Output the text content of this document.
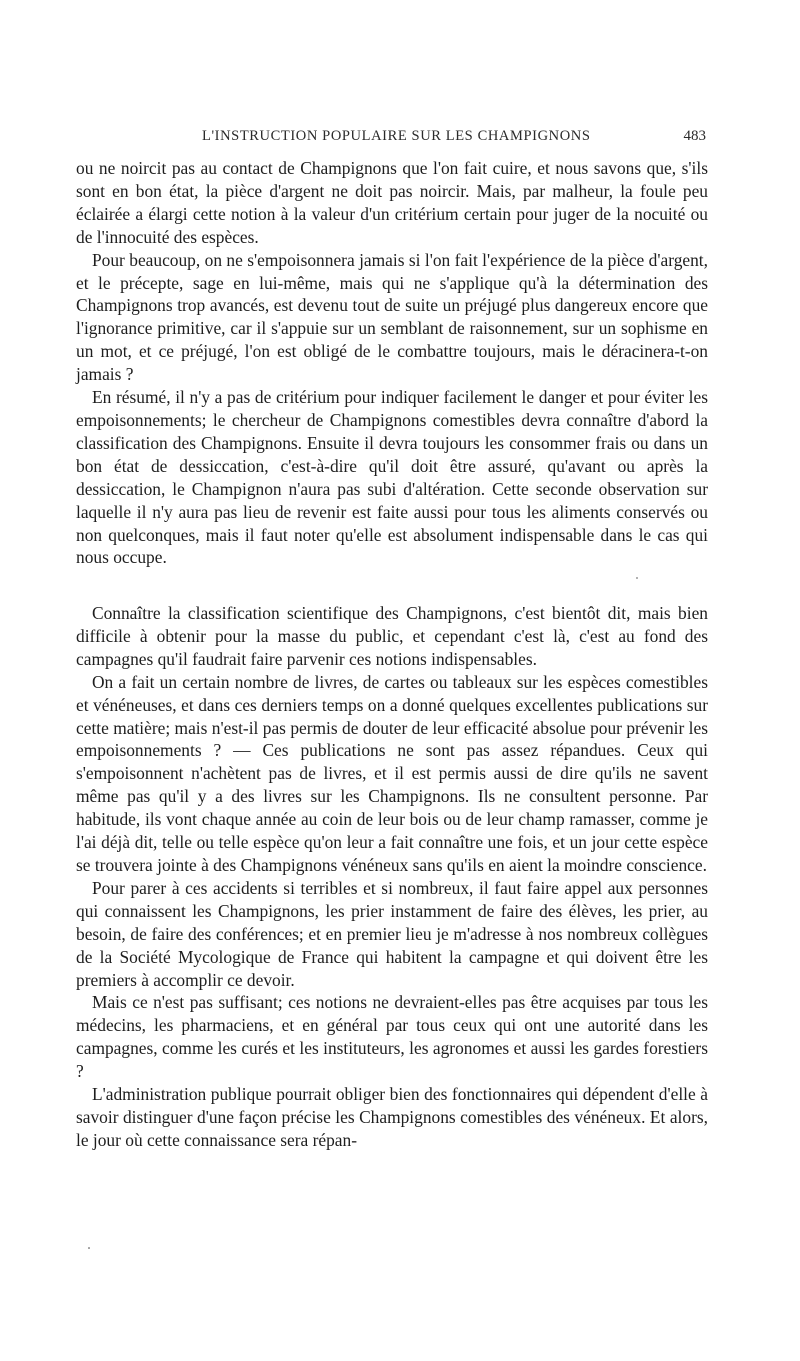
L'INSTRUCTION POPULAIRE SUR LES CHAMPIGNONS	483

ou ne noircit pas au contact de Champignons que l'on fait cuire, et nous savons que, s'ils sont en bon état, la pièce d'argent ne doit pas noircir. Mais, par malheur, la foule peu éclairée a élargi cette notion à la valeur d'un critérium certain pour juger de la nocuité ou de l'innocuité des espèces.

Pour beaucoup, on ne s'empoisonnera jamais si l'on fait l'expérience de la pièce d'argent, et le précepte, sage en lui-même, mais qui ne s'applique qu'à la détermination des Champignons trop avancés, est devenu tout de suite un préjugé plus dangereux encore que l'ignorance primitive, car il s'appuie sur un semblant de raisonnement, sur un sophisme en un mot, et ce préjugé, l'on est obligé de le combattre toujours, mais le déracinera-t-on jamais ?

En résumé, il n'y a pas de critérium pour indiquer facilement le danger et pour éviter les empoisonnements; le chercheur de Champignons comestibles devra connaître d'abord la classification des Champignons. Ensuite il devra toujours les consommer frais ou dans un bon état de dessiccation, c'est-à-dire qu'il doit être assuré, qu'avant ou après la dessiccation, le Champignon n'aura pas subi d'altération. Cette seconde observation sur laquelle il n'y aura pas lieu de revenir est faite aussi pour tous les aliments conservés ou non quelconques, mais il faut noter qu'elle est absolument indispensable dans le cas qui nous occupe.

Connaître la classification scientifique des Champignons, c'est bientôt dit, mais bien difficile à obtenir pour la masse du public, et cependant c'est là, c'est au fond des campagnes qu'il faudrait faire parvenir ces notions indispensables.

On a fait un certain nombre de livres, de cartes ou tableaux sur les espèces comestibles et vénéneuses, et dans ces derniers temps on a donné quelques excellentes publications sur cette matière; mais n'est-il pas permis de douter de leur efficacité absolue pour prévenir les empoisonnements ? — Ces publications ne sont pas assez répandues. Ceux qui s'empoisonnent n'achètent pas de livres, et il est permis aussi de dire qu'ils ne savent même pas qu'il y a des livres sur les Champignons. Ils ne consultent personne. Par habitude, ils vont chaque année au coin de leur bois ou de leur champ ramasser, comme je l'ai déjà dit, telle ou telle espèce qu'on leur a fait connaître une fois, et un jour cette espèce se trouvera jointe à des Champignons vénéneux sans qu'ils en aient la moindre conscience.

Pour parer à ces accidents si terribles et si nombreux, il faut faire appel aux personnes qui connaissent les Champignons, les prier instamment de faire des élèves, les prier, au besoin, de faire des conférences; et en premier lieu je m'adresse à nos nombreux collègues de la Société Mycologique de France qui habitent la campagne et qui doivent être les premiers à accomplir ce devoir.

Mais ce n'est pas suffisant; ces notions ne devraient-elles pas être acquises par tous les médecins, les pharmaciens, et en général par tous ceux qui ont une autorité dans les campagnes, comme les curés et les instituteurs, les agronomes et aussi les gardes forestiers ?

L'administration publique pourrait obliger bien des fonctionnaires qui dépendent d'elle à savoir distinguer d'une façon précise les Champignons comestibles des vénéneux. Et alors, le jour où cette connaissance sera répan-
